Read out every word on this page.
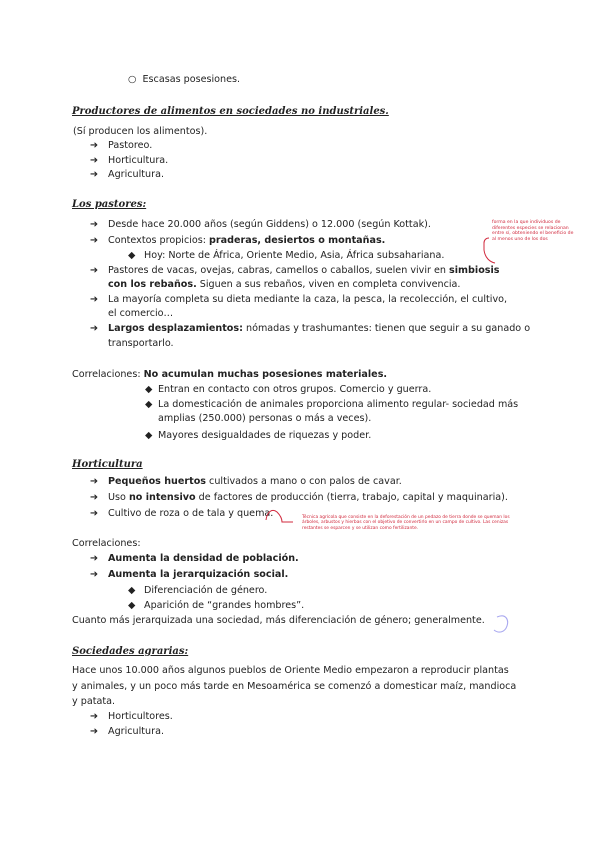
○ Escasas posesiones.
Productores de alimentos en sociedades no industriales.
(Sí producen los alimentos).
➔ Pastoreo.
➔ Horticultura.
➔ Agricultura.
Los pastores:
➔ Desde hace 20.000 años (según Giddens) o 12.000 (según Kottak).
➔ Contextos propicios: praderas, desiertos o montañas.
◆ Hoy: Norte de África, Oriente Medio, Asia, África subsahariana.
➔ Pastores de vacas, ovejas, cabras, camellos o caballos, suelen vivir en simbiosis
con los rebaños. Siguen a sus rebaños, viven en completa convivencia.
➔ La mayoría completa su dieta mediante la caza, la pesca, la recolección, el cultivo,
el comercio…
➔ Largos desplazamientos: nómadas y trashumantes: tienen que seguir a su ganado o
transportarlo.
forma en la que individuos de diferentes especies se relacionan entre sí, obteniendo el beneficio de al menos uno de los dos
Correlaciones: No acumulan muchas posesiones materiales.
◆ Entran en contacto con otros grupos. Comercio y guerra.
◆ La domesticación de animales proporciona alimento regular- sociedad más
amplias (250.000) personas o más a veces).
◆ Mayores desigualdades de riquezas y poder.
Horticultura
➔ Pequeños huertos cultivados a mano o con palos de cavar.
➔ Uso no intensivo de factores de producción (tierra, trabajo, capital y maquinaria).
➔ Cultivo de roza o de tala y quema.	Técnica agrícola que consiste en la deforestación de un pedazo de tierra donde se queman los árboles, arbustos y hierbas con el objetivo de convertirlo en un campo de cultivo. Las cenizas restantes se esparcen y se utilizan como fertilizante.
Correlaciones:
➔ Aumenta la densidad de población.
➔ Aumenta la jerarquización social.
◆ Diferenciación de género.
◆ Aparición de “grandes hombres”.
Cuanto más jerarquizada una sociedad, más diferenciación de género; generalmente.
Sociedades agrarias:
Hace unos 10.000 años algunos pueblos de Oriente Medio empezaron a reproducir plantas
y animales, y un poco más tarde en Mesoamérica se comenzó a domesticar maíz, mandioca
y patata.
➔ Horticultores.
➔ Agricultura.
